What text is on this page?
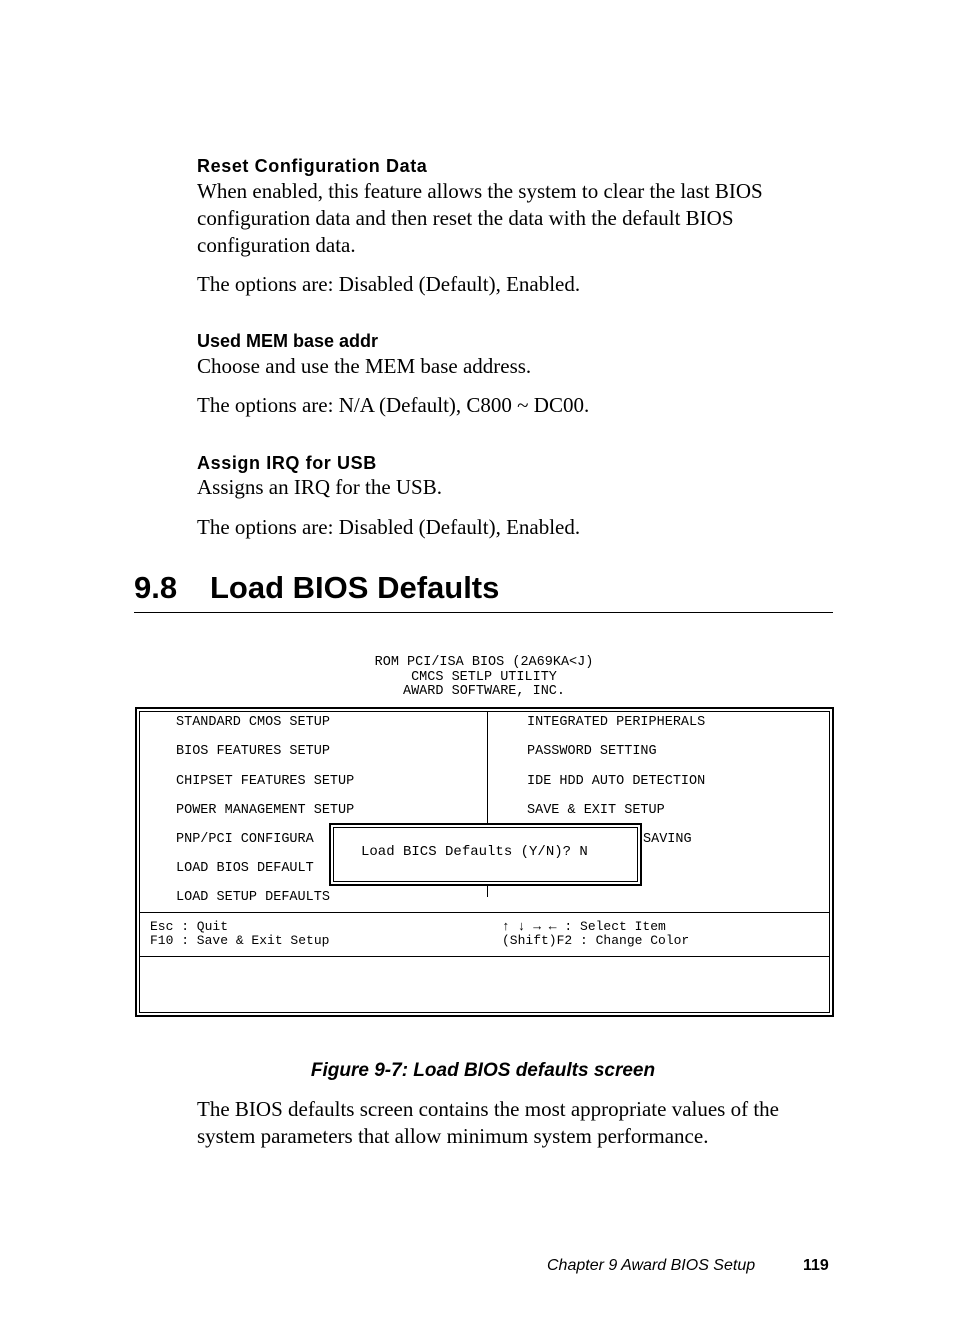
Reset Configuration Data
When enabled, this feature allows the system to clear the last BIOS
configuration data and then reset the data with the default BIOS
configuration data.
The options are: Disabled (Default), Enabled.
Used MEM base addr
Choose and use the MEM base address.
The options are: N/A (Default), C800 ~ DC00.
Assign IRQ for USB
Assigns an IRQ for the USB.
The options are: Disabled (Default), Enabled.
9.8 Load BIOS Defaults
ROM PCI/ISA BIOS (2A69KA<J)
CMCS SETLP UTILITY
AWARD SOFTWARE, INC.
STANDARD CMOS SETUP
BIOS FEATURES SETUP
CHIPSET FEATURES SETUP
POWER MANAGEMENT SETUP
PNP/PCI CONFIGURA
LOAD BIOS DEFAULT
LOAD SETUP DEFAULTS
INTEGRATED PERIPHERALS
PASSWORD SETTING
IDE HDD AUTO DETECTION
SAVE & EXIT SETUP
SAVING
Load BICS Defaults (Y/N)? N
Esc : Quit
F10 : Save & Exit Setup
↑ ↓ → ← : Select Item
(Shift)F2 : Change Color
Figure 9-7: Load BIOS defaults screen
The BIOS defaults screen contains the most appropriate values of the
system parameters that allow minimum system performance.
Chapter 9 Award BIOS Setup	119
